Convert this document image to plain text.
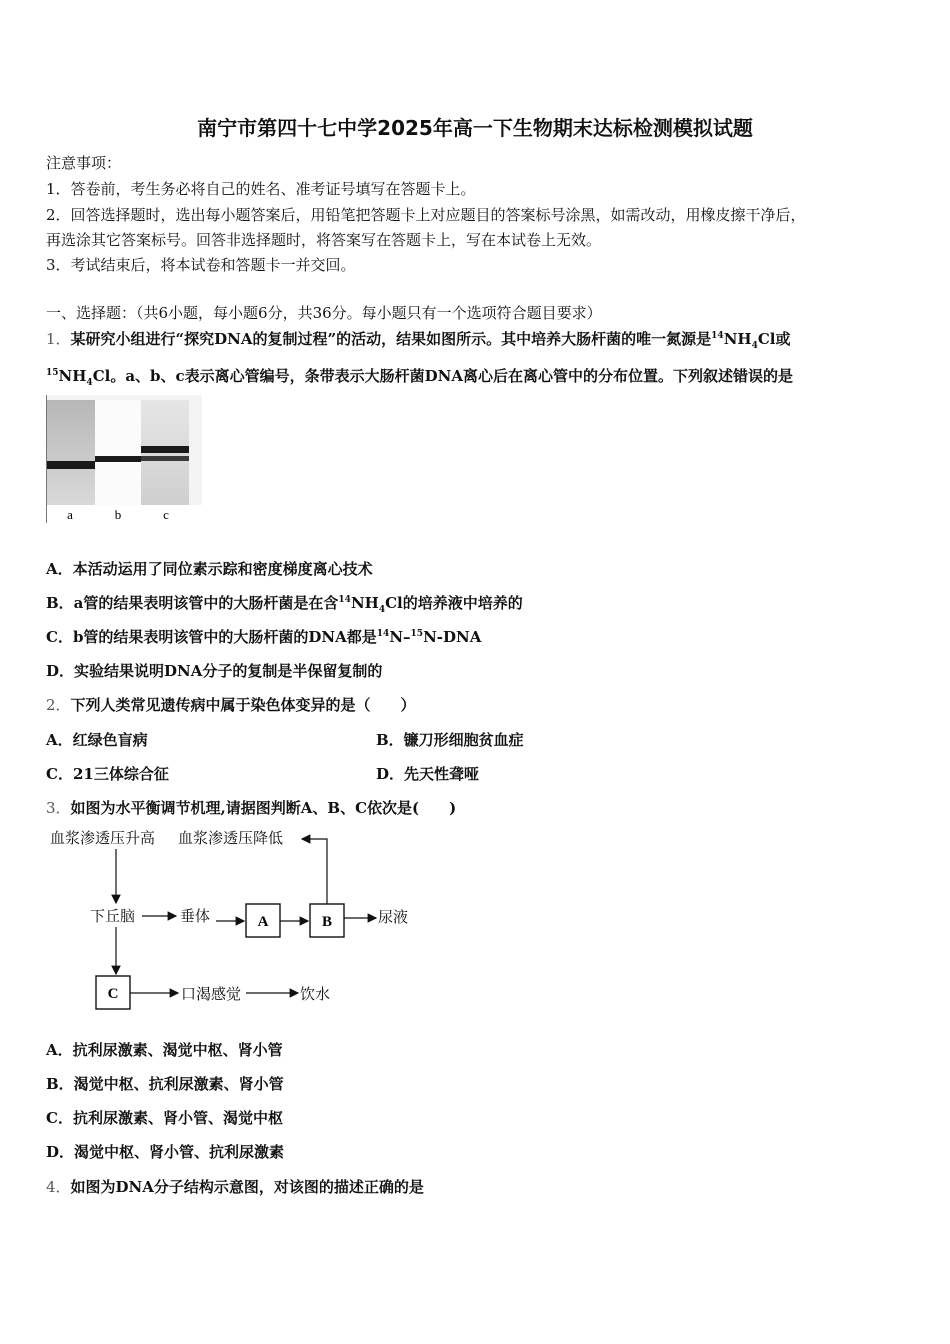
南宁市第四十七中学2025年高一下生物期末达标检测模拟试题
注意事项：
1．答卷前，考生务必将自己的姓名、准考证号填写在答题卡上。
2．回答选择题时，选出每小题答案后，用铅笔把答题卡上对应题目的答案标号涂黑，如需改动，用橡皮擦干净后，
再选涂其它答案标号。回答非选择题时，将答案写在答题卡上，写在本试卷上无效。
3．考试结束后，将本试卷和答题卡一并交回。
一、选择题：（共6小题，每小题6分，共36分。每小题只有一个选项符合题目要求）
1．某研究小组进行“探究DNA的复制过程”的活动，结果如图所示。其中培养大肠杆菌的唯一氮源是$^{14}NH_4Cl$或
$^{15}NH_4Cl$。a、b、c表示离心管编号，条带表示大肠杆菌DNA离心后在离心管中的分布位置。下列叙述错误的是
a	b	c
A．本活动运用了同位素示踪和密度梯度离心技术
B．a管的结果表明该管中的大肠杆菌是在含$^{14}NH_4Cl$的培养液中培养的
C．b管的结果表明该管中的大肠杆菌的DNA都是$^{14}$N–$^{15}$N-DNA
D．实验结果说明DNA分子的复制是半保留复制的
2．下列人类常见遗传病中属于染色体变异的是（　　）
A．红绿色盲病	B．镰刀形细胞贫血症
C．21三体综合征	D．先天性聋哑
3．如图为水平衡调节机理,请据图判断A、B、C依次是(　　)
血浆渗透压升高 血浆渗透压降低
下丘脑	垂体	尿液
口渴感觉	饮水
A	B
C
A．抗利尿激素、渴觉中枢、肾小管
B．渴觉中枢、抗利尿激素、肾小管
C．抗利尿激素、肾小管、渴觉中枢
D．渴觉中枢、肾小管、抗利尿激素
4．如图为DNA分子结构示意图，对该图的描述正确的是
